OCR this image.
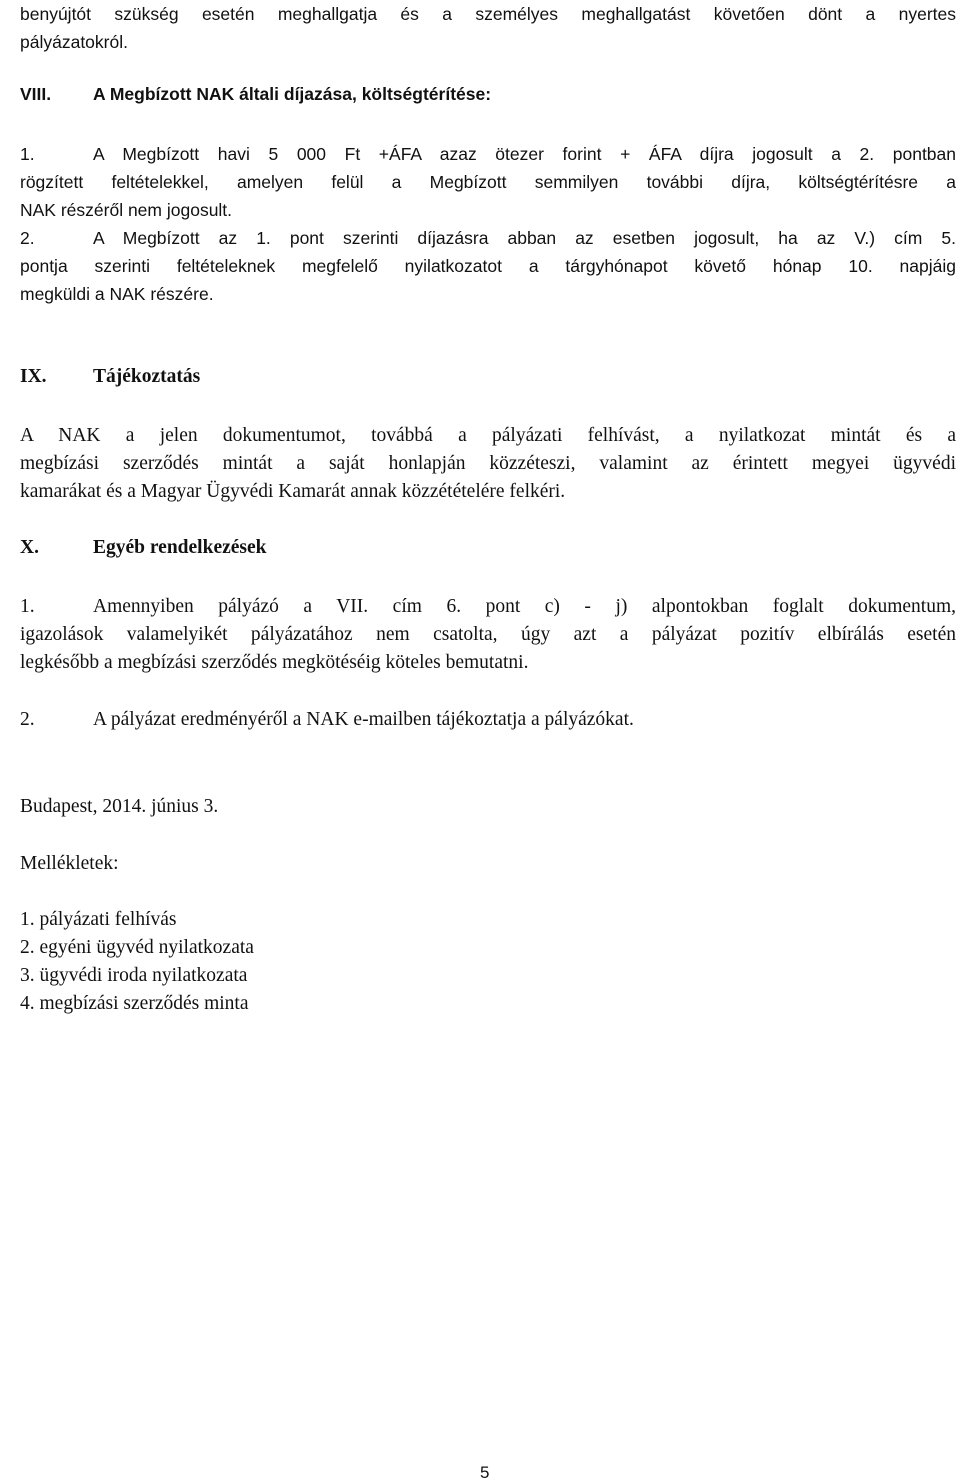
benyújtót szükség esetén meghallgatja és a személyes meghallgatást követően dönt a nyertes
pályázatokról.
VIII. A Megbízott NAK általi díjazása, költségtérítése:
1.	A Megbízott havi 5 000 Ft +ÁFA azaz ötezer forint + ÁFA díjra jogosult a 2. pontban
rögzített feltételekkel, amelyen felül a Megbízott semmilyen további díjra, költségtérítésre a
NAK részéről nem jogosult.
2.	A Megbízott az 1. pont szerinti díjazásra abban az esetben jogosult, ha az V.) cím 5.
pontja szerinti feltételeknek megfelelő nyilatkozatot a tárgyhónapot követő hónap 10. napjáig
megküldi a NAK részére.
IX. Tájékoztatás
A NAK a jelen dokumentumot, továbbá a pályázati felhívást, a nyilatkozat mintát és a
megbízási szerződés mintát a saját honlapján közzéteszi, valamint az érintett megyei ügyvédi
kamarákat és a Magyar Ügyvédi Kamarát annak közzétételére felkéri.
X.	Egyéb rendelkezések
1.	Amennyiben pályázó a VII. cím 6. pont c) - j) alpontokban foglalt dokumentum,
igazolások valamelyikét pályázatához nem csatolta, úgy azt a pályázat pozitív elbírálás esetén
legkésőbb a megbízási szerződés megkötéséig köteles bemutatni.
2.	A pályázat eredményéről a NAK e-mailben tájékoztatja a pályázókat.
Budapest, 2014. június 3.
Mellékletek:
1. pályázati felhívás
2. egyéni ügyvéd nyilatkozata
3. ügyvédi iroda nyilatkozata
4. megbízási szerződés minta
5
